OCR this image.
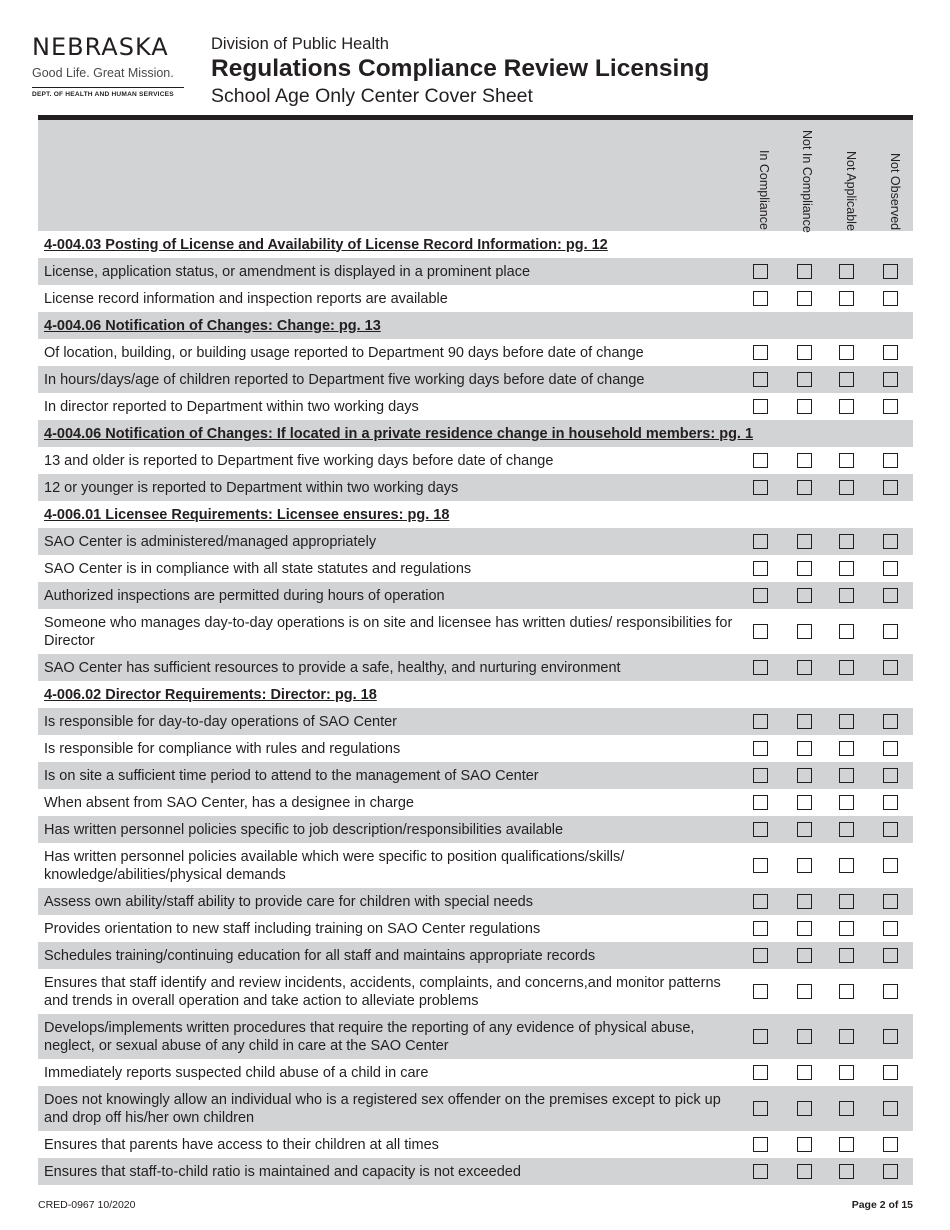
NEBRASKA
Good Life. Great Mission.
DEPT. OF HEALTH AND HUMAN SERVICES
Division of Public Health
Regulations Compliance Review Licensing
School Age Only Center Cover Sheet
In Compliance Not In Compliance Not Applicable Not Observed
4-004.03 Posting of License and Availability of License Record Information: pg. 12
License, application status, or amendment is displayed in a prominent place
License record information and inspection reports are available
4-004.06 Notification of Changes: Change: pg. 13
Of location, building, or building usage reported to Department 90 days before date of change
In hours/days/age of children reported to Department five working days before date of change
In director reported to Department within two working days
4-004.06 Notification of Changes: If located in a private residence change in household members: pg. 1
13 and older is reported to Department five working days before date of change
12 or younger is reported to Department within two working days
4-006.01 Licensee Requirements: Licensee ensures: pg. 18
SAO Center is administered/managed appropriately
SAO Center is in compliance with all state statutes and regulations
Authorized inspections are permitted during hours of operation
Someone who manages day-to-day operations is on site and licensee has written duties/ responsibilities for Director
SAO Center has sufficient resources to provide a safe, healthy, and nurturing environment
4-006.02 Director Requirements: Director: pg. 18
Is responsible for day-to-day operations of SAO Center
Is responsible for compliance with rules and regulations
Is on site a sufficient time period to attend to the management of SAO Center
When absent from SAO Center, has a designee in charge
Has written personnel policies specific to job description/responsibilities available
Has written personnel policies available which were specific to position qualifications/skills/ knowledge/abilities/physical demands
Assess own ability/staff ability to provide care for children with special needs
Provides orientation to new staff including training on SAO Center regulations
Schedules training/continuing education for all staff and maintains appropriate records
Ensures that staff identify and review incidents, accidents, complaints, and concerns,and monitor patterns and trends in overall operation and take action to alleviate problems
Develops/implements written procedures that require the reporting of any evidence of physical abuse, neglect, or sexual abuse of any child in care at the SAO Center
Immediately reports suspected child abuse of a child in care
Does not knowingly allow an individual who is a registered sex offender on the premises except to pick up and drop off his/her own children
Ensures that parents have access to their children at all times
Ensures that staff-to-child ratio is maintained and capacity is not exceeded
CRED-0967 10/2020	Page 2 of 15
